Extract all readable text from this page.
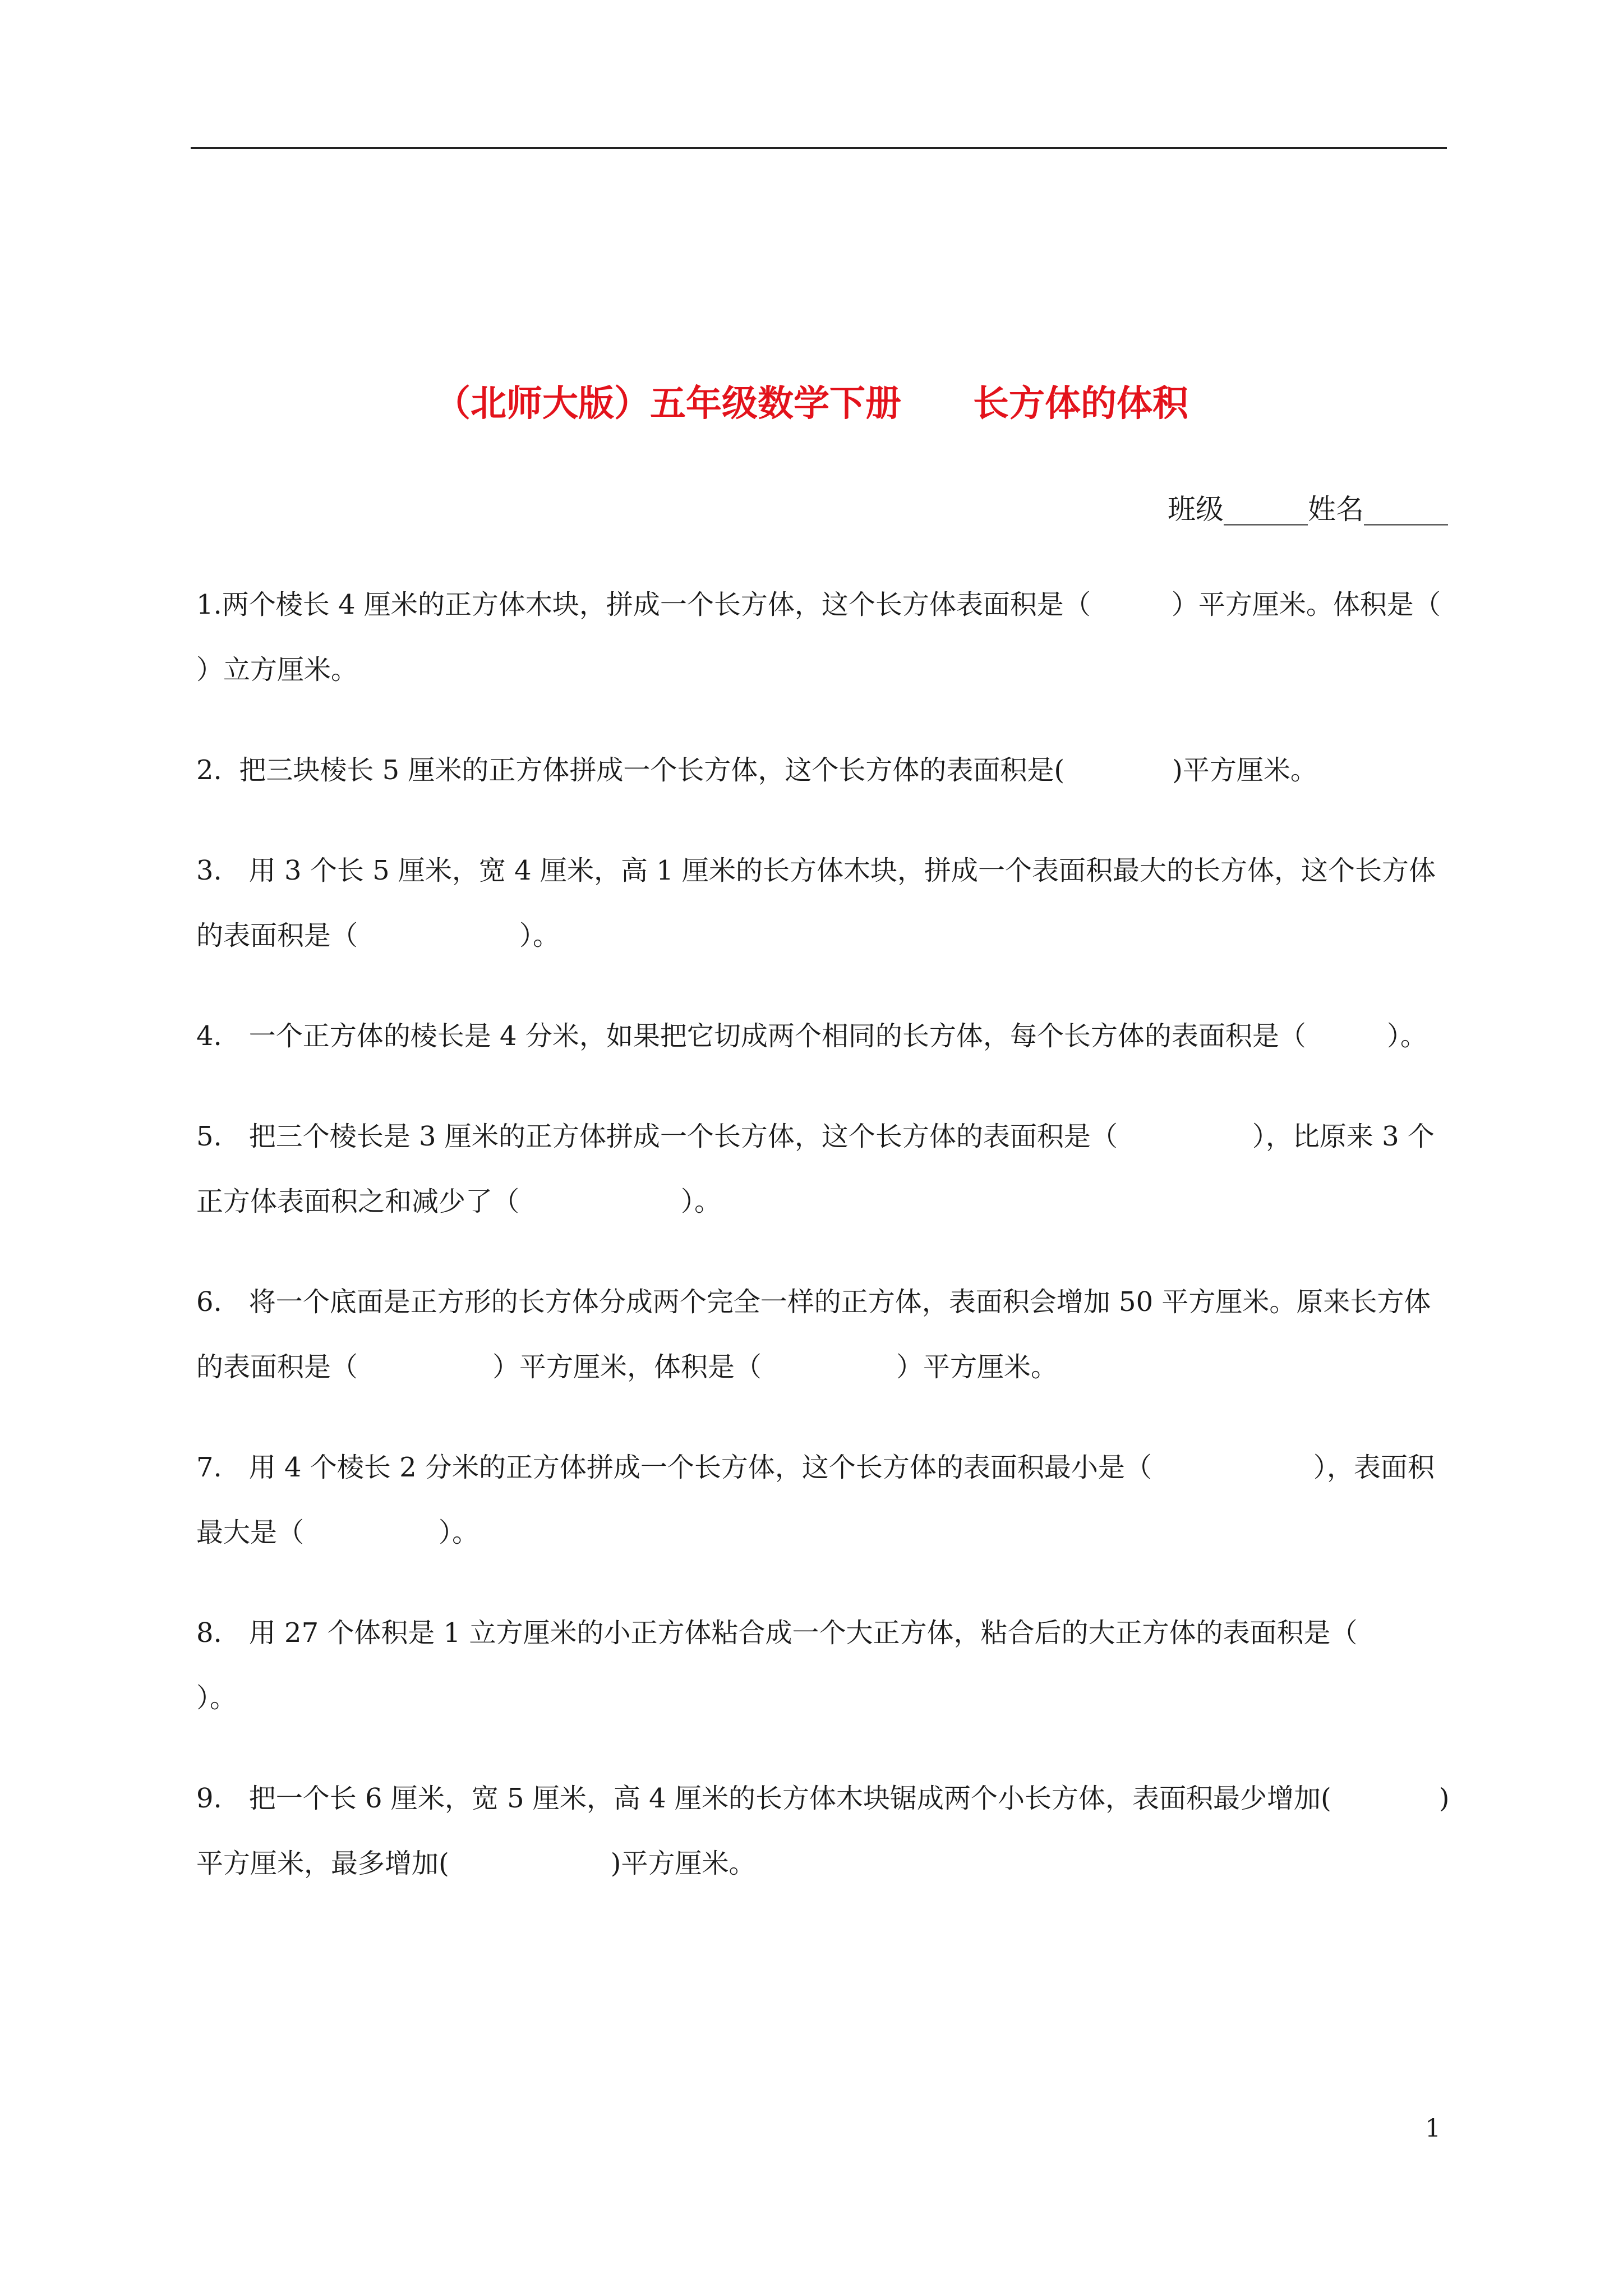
（北师大版）五年级数学下册　　长方体的体积
班级______姓名______

1.两个棱长 4 厘米的正方体木块，拼成一个长方体，这个长方体表面积是（　　　）平方厘米。体积是（　　　　）立方厘米。

2.  把三块棱长 5 厘米的正方体拼成一个长方体，这个长方体的表面积是(　　　　)平方厘米。

3.　用 3 个长 5 厘米，宽 4 厘米，高 1 厘米的长方体木块，拼成一个表面积最大的长方体，这个长方体的表面积是（　　　　　　）。

4.　一个正方体的棱长是 4 分米，如果把它切成两个相同的长方体，每个长方体的表面积是（　　　）。

5.　把三个棱长是 3 厘米的正方体拼成一个长方体，这个长方体的表面积是（　　　　　），比原来 3 个正方体表面积之和减少了（　　　　　　）。

6.　将一个底面是正方形的长方体分成两个完全一样的正方体，表面积会增加 50 平方厘米。原来长方体的表面积是（　　　　　）平方厘米，体积是（　　　　　）平方厘米。

7.　用 4 个棱长 2 分米的正方体拼成一个长方体，这个长方体的表面积最小是（　　　　　　），表面积最大是（　　　　　）。

8.　用 27 个体积是 1 立方厘米的小正方体粘合成一个大正方体，粘合后的大正方体的表面积是（　　　）。

9.　把一个长 6 厘米，宽 5 厘米，高 4 厘米的长方体木块锯成两个小长方体，表面积最少增加(　　　　)平方厘米，最多增加(　　　　　　)平方厘米。

1
